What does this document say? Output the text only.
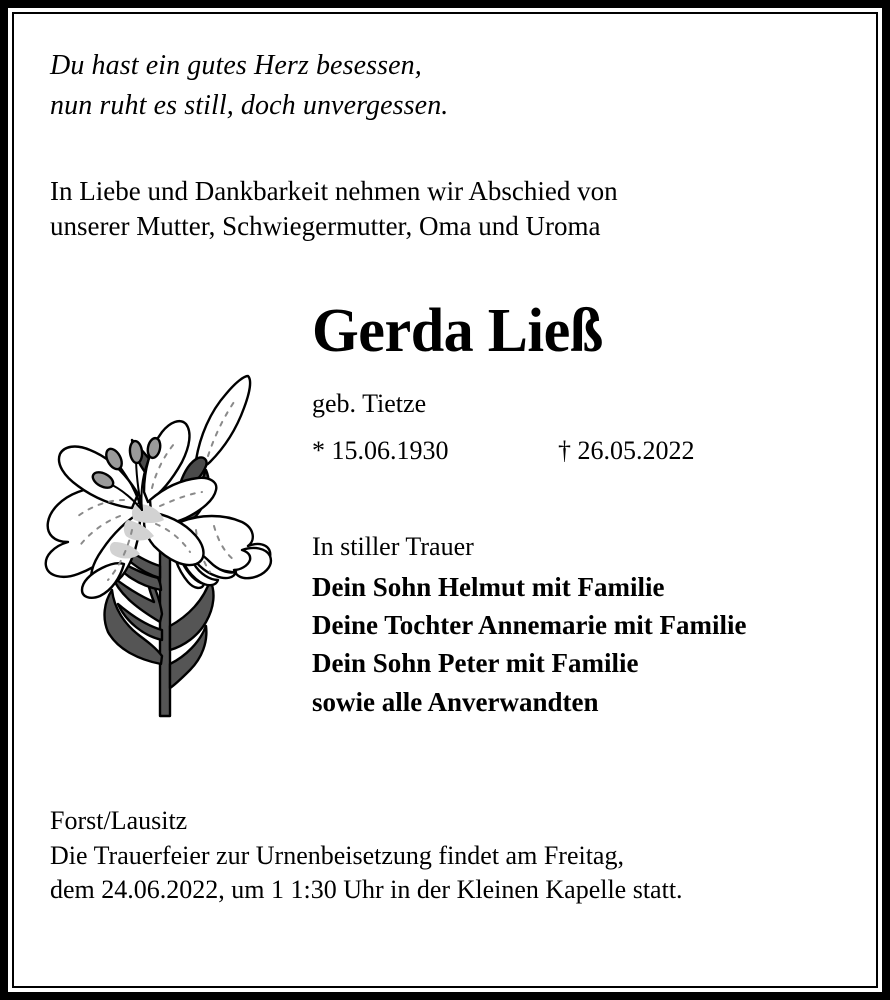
Du hast ein gutes Herz besessen,
nun ruht es still, doch unvergessen.
In Liebe und Dankbarkeit nehmen wir Abschied von
unserer Mutter, Schwiegermutter, Oma und Uroma
Gerda Ließ
geb. Tietze
* 15.06.1930	† 26.05.2022
In stiller Trauer
Dein Sohn Helmut mit Familie
Deine Tochter Annemarie mit Familie
Dein Sohn Peter mit Familie
sowie alle Anverwandten
Forst/Lausitz
Die Trauerfeier zur Urnenbeisetzung findet am Freitag,
dem 24.06.2022, um 1 1:30 Uhr in der Kleinen Kapelle statt.
